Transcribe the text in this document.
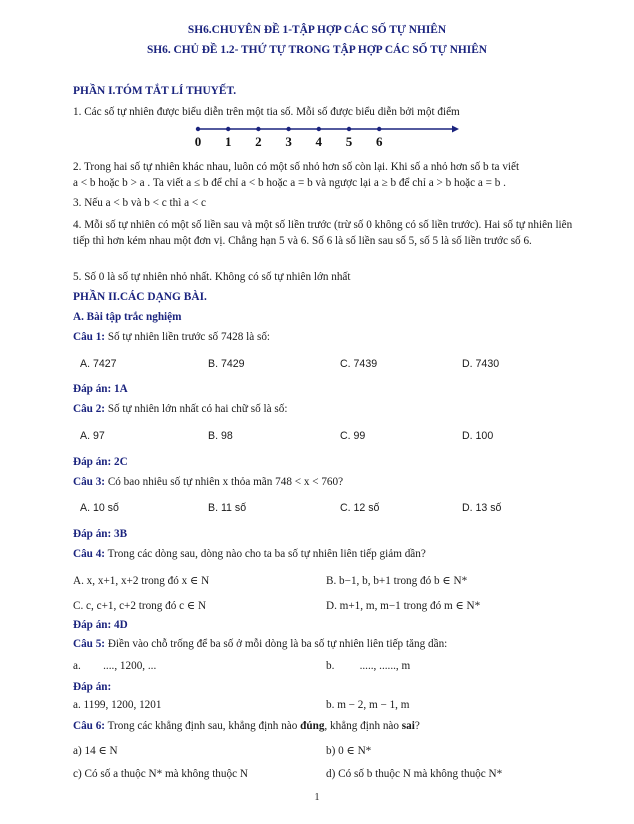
SH6.CHUYÊN ĐỀ 1-TẬP HỢP CÁC SỐ TỰ NHIÊN
SH6. CHỦ ĐỀ 1.2- THỨ TỰ TRONG TẬP HỢP CÁC SỐ TỰ NHIÊN
PHẦN I.TÓM TẮT LÍ THUYẾT.
1. Các số tự nhiên được biểu diễn trên một tia số. Mỗi số được biểu diễn bởi một điểm
0 1 2 3 4 5 6
2. Trong hai số tự nhiên khác nhau, luôn có một số nhỏ hơn số còn lại. Khi số a nhỏ hơn số b ta viết
a < b hoặc b > a . Ta viết a ≤ b để chỉ a < b hoặc a = b và ngược lại a ≥ b để chỉ a > b hoặc a = b .
3. Nếu a < b và b < c thì a < c
4. Mỗi số tự nhiên có một số liền sau và một số liền trước (trừ số 0 không có số liền trước). Hai số tự nhiên liên tiếp thì hơn kém nhau một đơn vị. Chẳng hạn 5 và 6. Số 6 là số liền sau số 5, số 5 là số liền trước số 6.
5. Số 0 là số tự nhiên nhỏ nhất. Không có số tự nhiên lớn nhất
PHẦN II.CÁC DẠNG BÀI.
A. Bài tập trắc nghiệm
Câu 1: Số tự nhiên liền trước số 7428 là số:
A. 7427	B. 7429	C. 7439	D. 7430
Đáp án: 1A
Câu 2: Số tự nhiên lớn nhất có hai chữ số là số:
A. 97	B. 98	C. 99	D. 100
Đáp án: 2C
Câu 3: Có bao nhiêu số tự nhiên x thỏa mãn 748 < x < 760?
A. 10 số	B. 11 số	C. 12 số	D. 13 số
Đáp án: 3B
Câu 4: Trong các dòng sau, dòng nào cho ta ba số tự nhiên liên tiếp giảm dần?
A. x, x+1, x+2 trong đó x ∈ N	B. b−1, b, b+1 trong đó b ∈ N*
C. c, c+1, c+2 trong đó c ∈ N	D. m+1, m, m−1 trong đó m ∈ N*
Đáp án: 4D
Câu 5: Điền vào chỗ trống để ba số ở mỗi dòng là ba số tự nhiên liên tiếp tăng dần:
a.        ...., 1200, ...	b.         ....., ......, m
Đáp án:
a. 1199, 1200, 1201	b. m − 2, m − 1, m
Câu 6: Trong các khẳng định sau, khẳng định nào đúng, khẳng định nào sai?
a) 14 ∈ N	b) 0 ∈ N*
c) Có số a thuộc N* mà không thuộc N	d) Có số b thuộc N mà không thuộc N*
1
